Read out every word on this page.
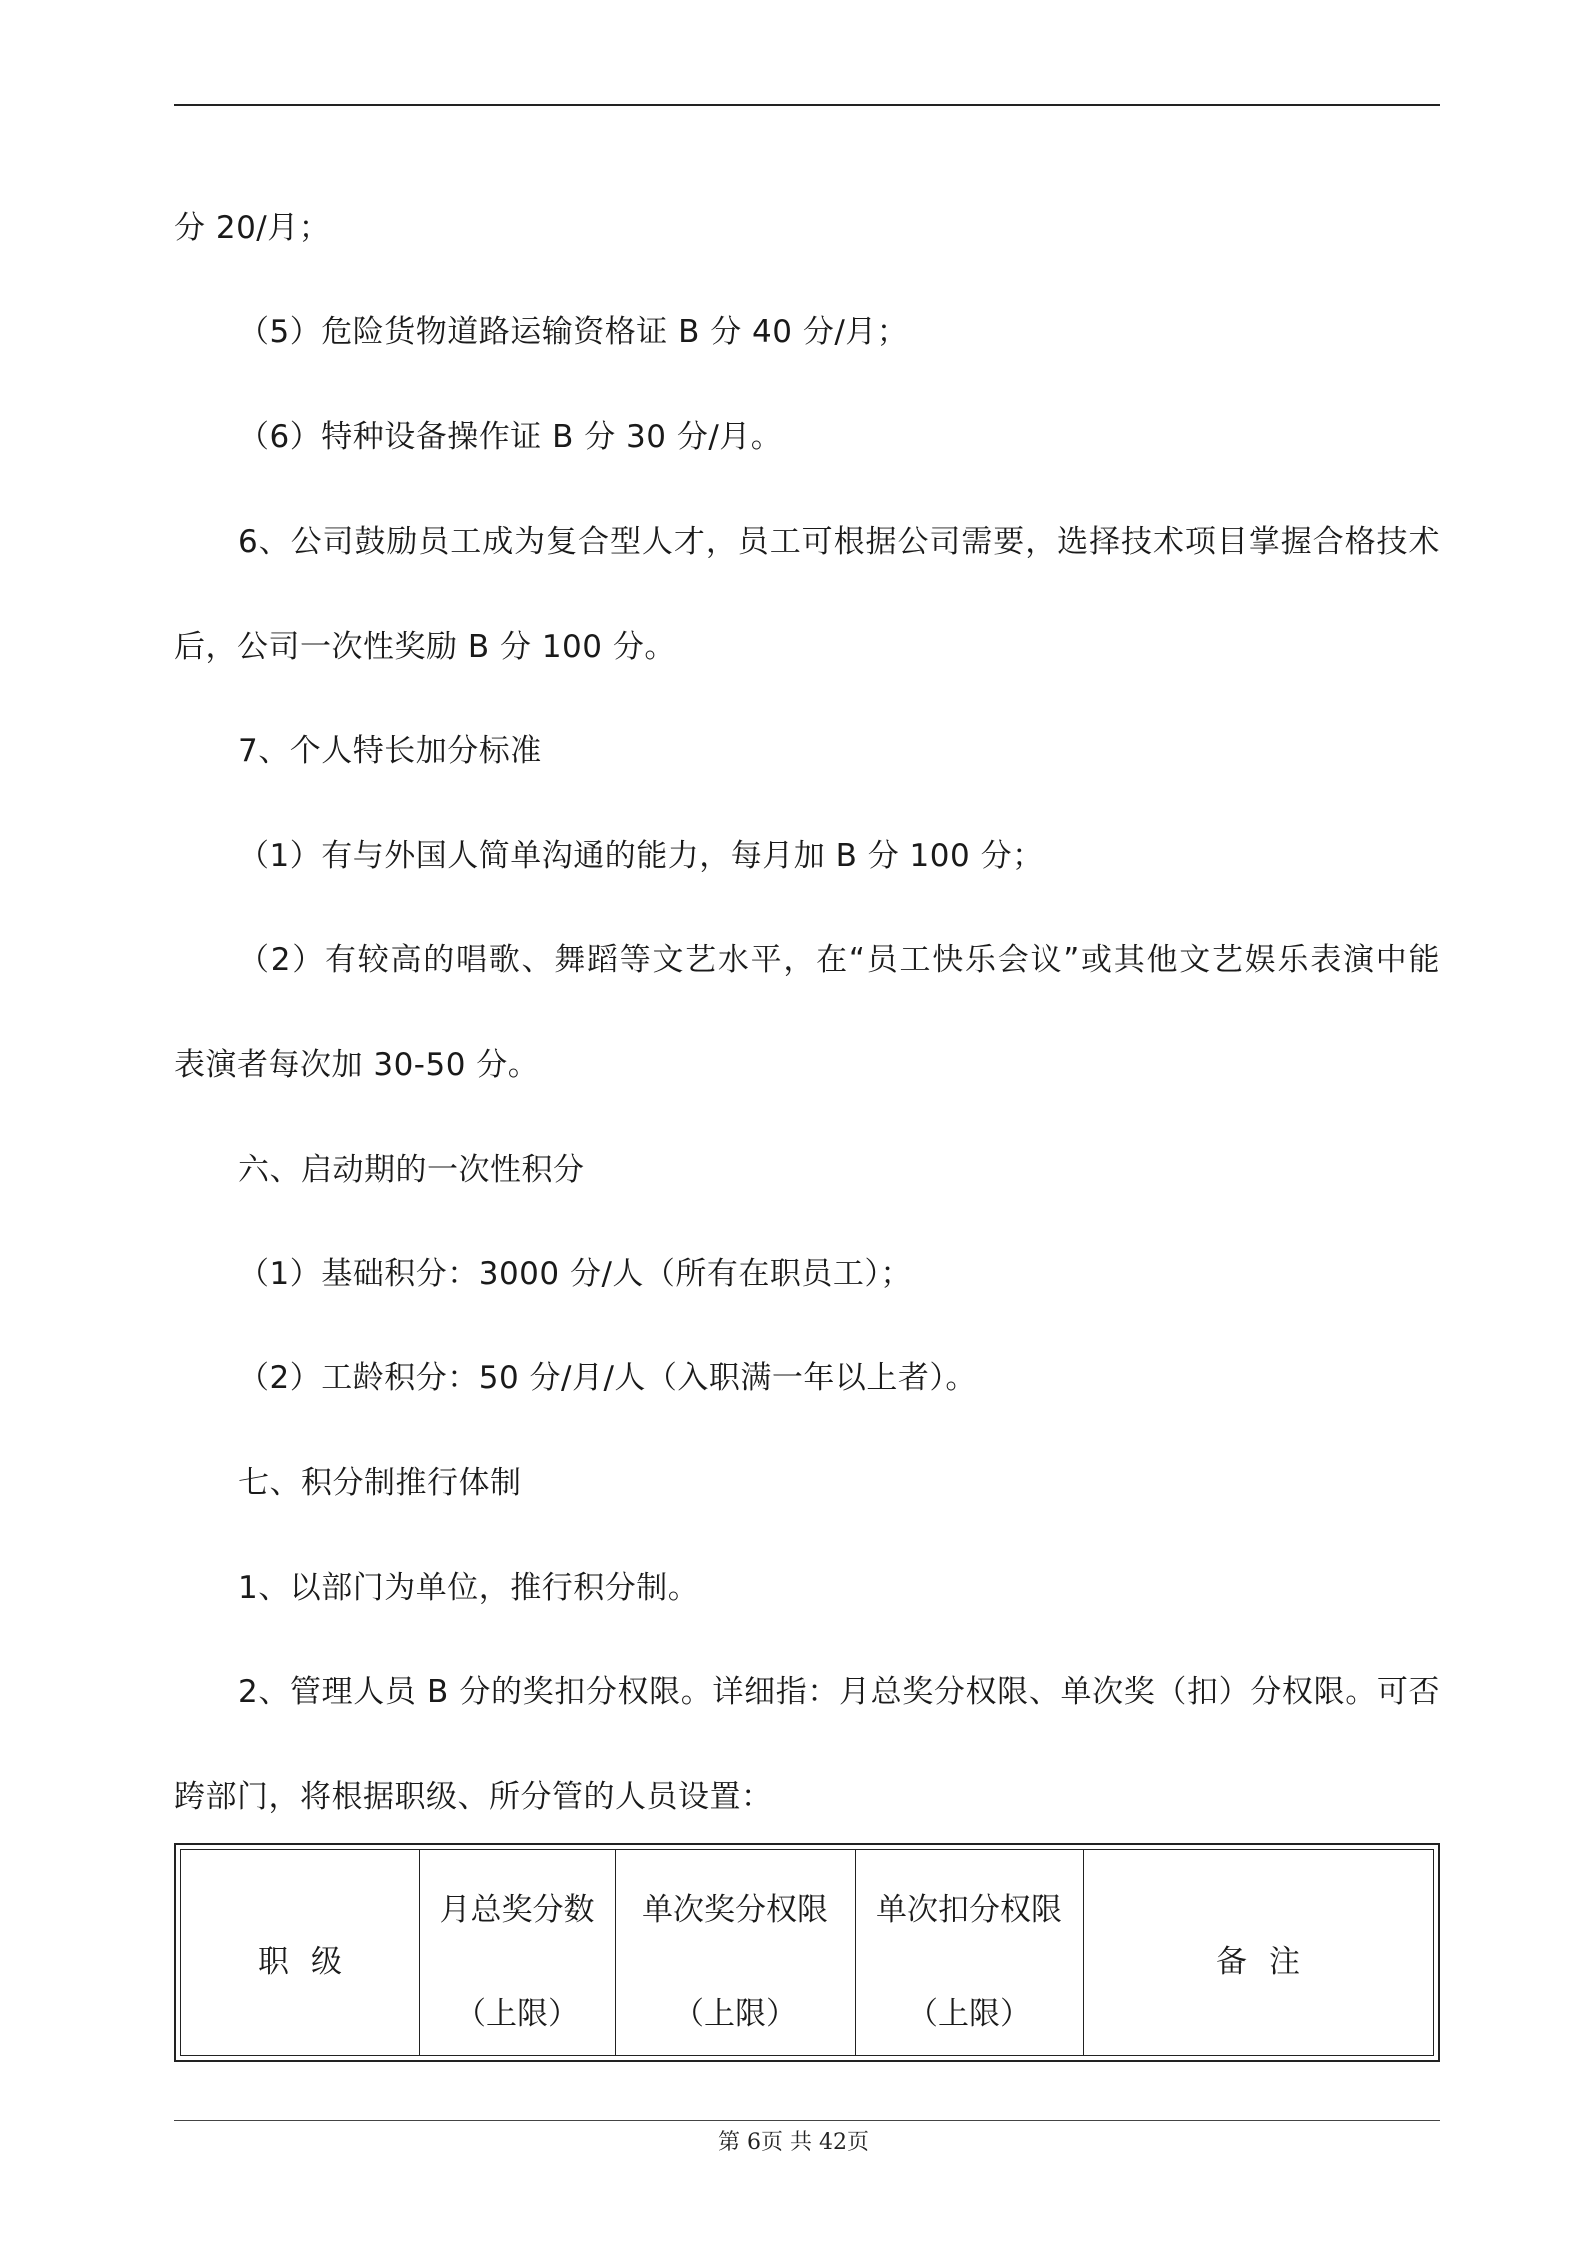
分 20/月；
（5）危险货物道路运输资格证 B 分 40 分/月；
（6）特种设备操作证 B 分 30 分/月。
6、公司鼓励员工成为复合型人才，员工可根据公司需要，选择技术项目掌握合格技术
后，公司一次性奖励 B 分 100 分。
7、个人特长加分标准
（1）有与外国人简单沟通的能力，每月加 B 分 100 分；
（2）有较高的唱歌、舞蹈等文艺水平，在“员工快乐会议”或其他文艺娱乐表演中能
表演者每次加 30-50 分。
六、启动期的一次性积分
（1）基础积分：3000 分/人（所有在职员工）；
（2）工龄积分：50 分/月/人（入职满一年以上者）。
七、积分制推行体制
1、以部门为单位，推行积分制。
2、管理人员 B 分的奖扣分权限。详细指：月总奖分权限、单次奖（扣）分权限。可否
跨部门，将根据职级、所分管的人员设置：
职级
月总奖分数
（上限）
单次奖分权限
（上限）
单次扣分权限
（上限）
备注
第 6页 共 42页
